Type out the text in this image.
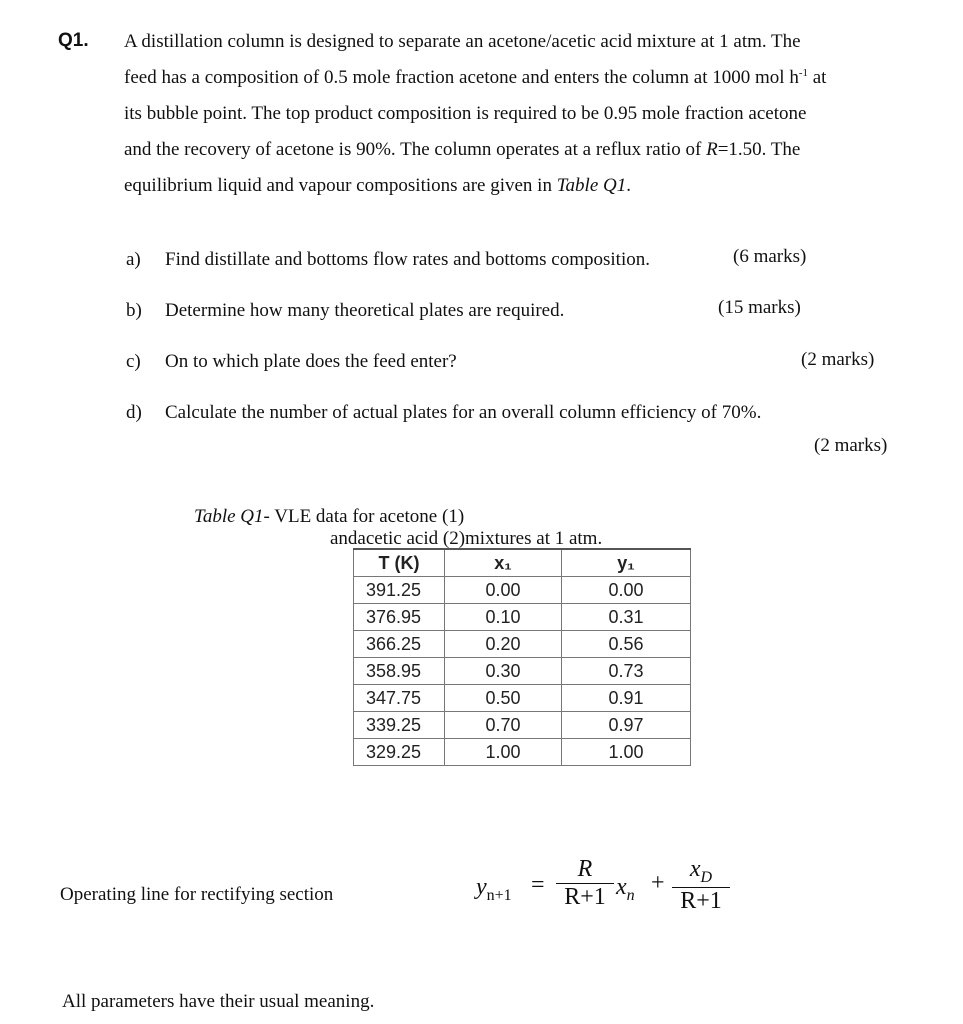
Q1. A distillation column is designed to separate an acetone/acetic acid mixture at 1 atm. The
feed has a composition of 0.5 mole fraction acetone and enters the column at 1000 mol $h^{-1}$ at
its bubble point. The top product composition is required to be 0.95 mole fraction acetone
and the recovery of acetone is 90%. The column operates at a reflux ratio of R=1.50. The
equilibrium liquid and vapour compositions are given in Table Q1.
a) Find distillate and bottoms flow rates and bottoms composition.	(6 marks)
b) Determine how many theoretical plates are required.	(15 marks)
c) On to which plate does the feed enter?	(2 marks)
d) Calculate the number of actual plates for an overall column efficiency of 70%.
(2 marks)
Table Q1- VLE data for acetone (1)
andacetic acid (2)mixtures at 1 atm.
T (K)	x₁	y₁
391.25	0.00	0.00
376.95	0.10	0.31
366.25	0.20	0.56
358.95	0.30	0.73
347.75	0.50	0.91
339.25	0.70	0.97
329.25	1.00	1.00
Operating line for rectifying section	$y_{n+1} = \frac{R}{R+1} x_n + \frac{x_D}{R+1}$
All parameters have their usual meaning.
